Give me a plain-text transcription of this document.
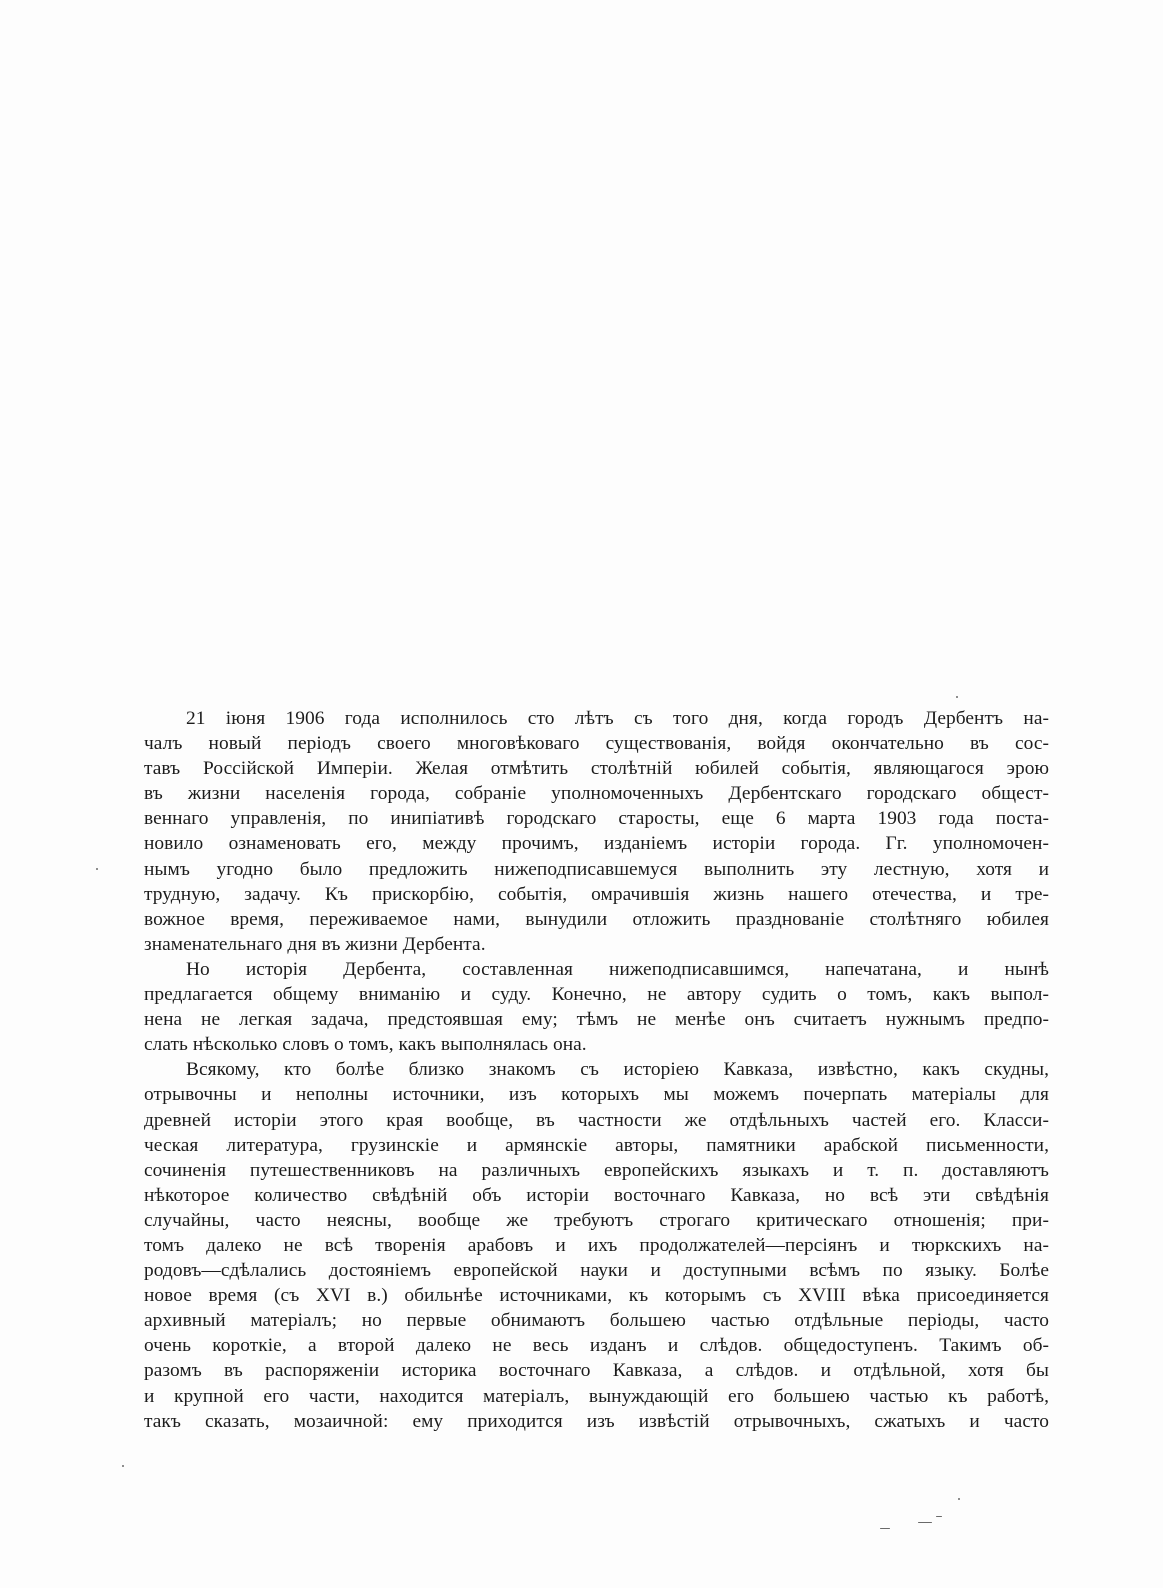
21 іюня 1906 года исполнилось сто лѣтъ съ того дня, когда городъ Дербентъ на-
чалъ новый періодъ своего многовѣковаго существованія, войдя окончательно въ сос-
тавъ Россійской Имперіи. Желая отмѣтить столѣтній юбилей событія, являющагося эрою
въ жизни населенія города, собраніе уполномоченныхъ Дербентскаго городскаго общест-
веннаго управленія, по инипіативѣ городскаго старосты, еще 6 марта 1903 года поста-
новило ознаменовать его, между прочимъ, изданіемъ исторіи города. Гг. уполномочен-
нымъ угодно было предложить нижеподписавшемуся выполнить эту лестную, хотя и
трудную, задачу. Къ прискорбію, событія, омрачившія жизнь нашего отечества, и тре-
вожное время, переживаемое нами, вынудили отложить празднованіе столѣтняго юбилея
знаменательнаго дня въ жизни Дербента.
Но исторія Дербента, составленная нижеподписавшимся, напечатана, и нынѣ
предлагается общему вниманію и суду. Конечно, не автору судить о томъ, какъ выпол-
нена не легкая задача, предстоявшая ему; тѣмъ не менѣе онъ считаетъ нужнымъ предпо-
слать нѣсколько словъ о томъ, какъ выполнялась она.
Всякому, кто болѣе близко знакомъ съ исторіею Кавказа, извѣстно, какъ скудны,
отрывочны и неполны источники, изъ которыхъ мы можемъ почерпать матеріалы для
древней исторіи этого края вообще, въ частности же отдѣльныхъ частей его. Класси-
ческая литература, грузинскіе и армянскіе авторы, памятники арабской письменности,
сочиненія путешественниковъ на различныхъ европейскихъ языкахъ и т. п. доставляютъ
нѣкоторое количество свѣдѣній объ исторіи восточнаго Кавказа, но всѣ эти свѣдѣнія
случайны, часто неясны, вообще же требуютъ строгаго критическаго отношенія; при-
томъ далеко не всѣ творенія арабовъ и ихъ продолжателей—персіянъ и тюркскихъ на-
родовъ—сдѣлались достояніемъ европейской науки и доступными всѣмъ по языку. Болѣе
новое время (съ XVI в.) обильнѣе источниками, къ которымъ съ XVIII вѣка присоединяется
архивный матеріалъ; но первые обнимаютъ большею частью отдѣльные періоды, часто
очень короткіе, а второй далеко не весь изданъ и слѣдов. общедоступенъ. Такимъ об-
разомъ въ распоряженіи историка восточнаго Кавказа, а слѣдов. и отдѣльной, хотя бы
и крупной его части, находится матеріалъ, вынуждающій его большею частью къ работѣ,
такъ сказать, мозаичной: ему приходится изъ извѣстій отрывочныхъ, сжатыхъ и часто
